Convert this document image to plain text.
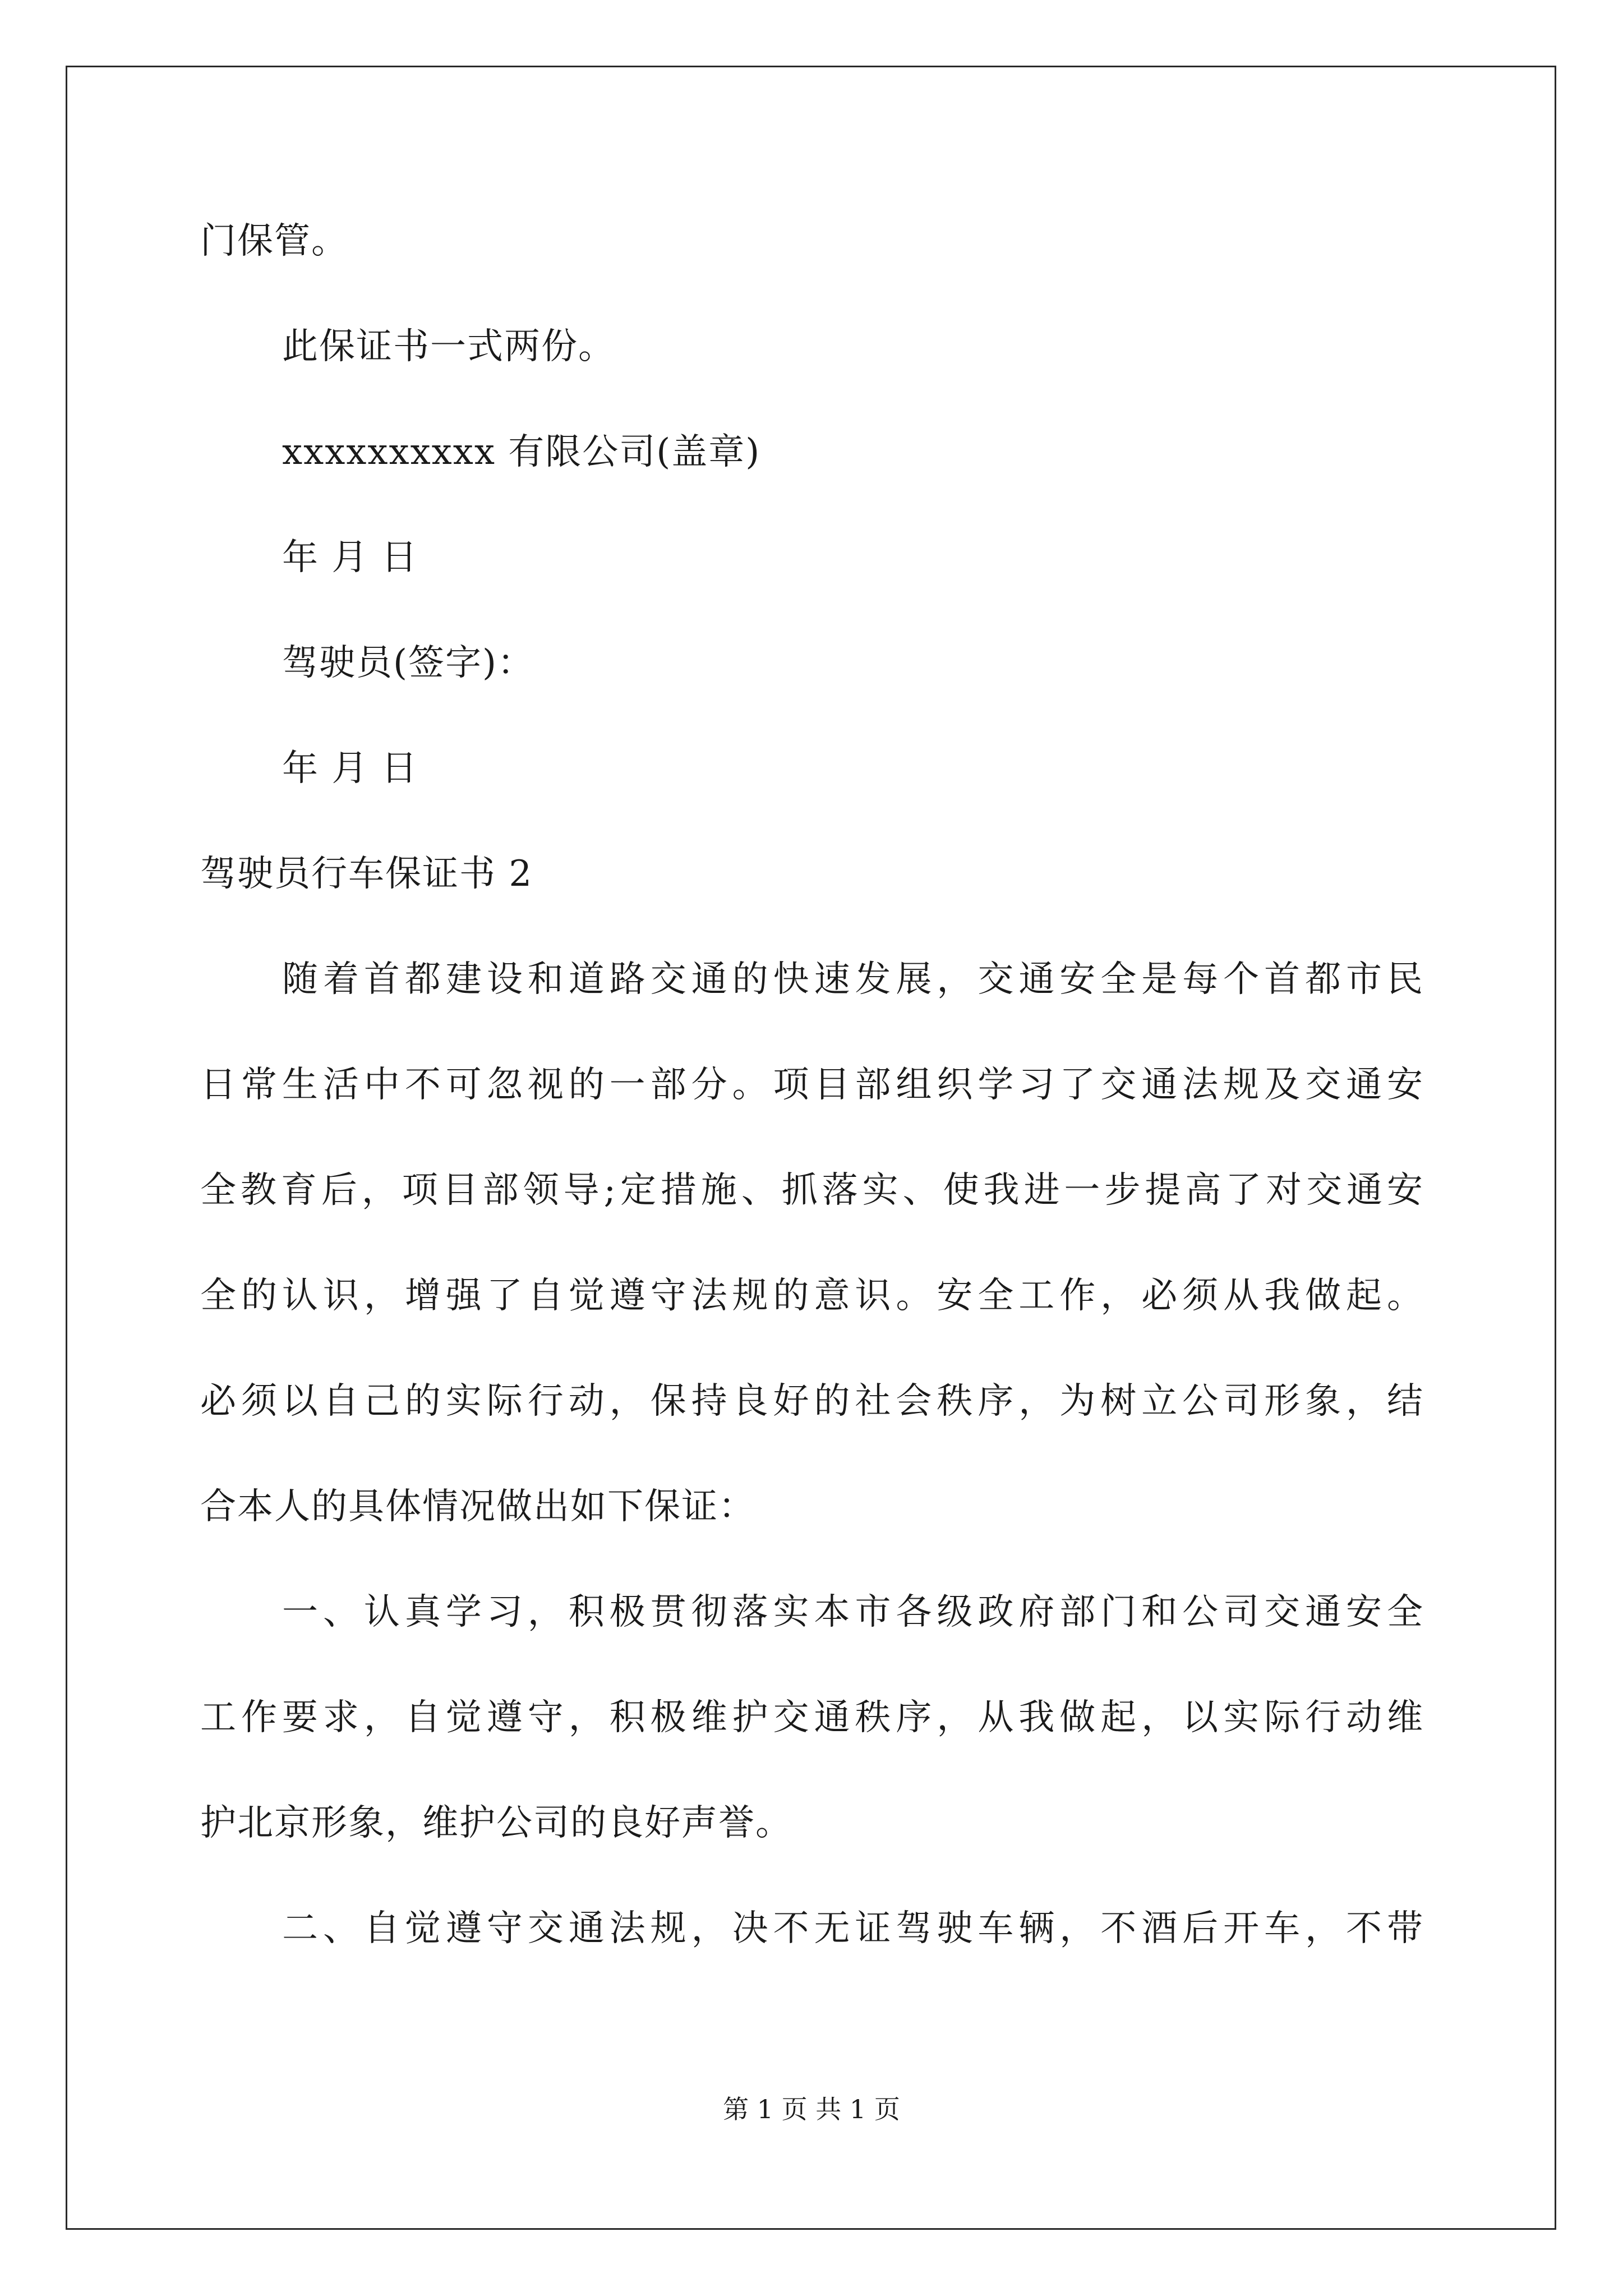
门保管。
此保证书一式两份。
xxxxxxxxxx 有限公司(盖章)
年 月 日
驾驶员(签字)：
年 月 日
驾驶员行车保证书 2
随着首都建设和道路交通的快速发展，交通安全是每个首都市民
日常生活中不可忽视的一部分。项目部组织学习了交通法规及交通安
全教育后，项目部领导;定措施、抓落实、使我进一步提高了对交通安
全的认识，增强了自觉遵守法规的意识。安全工作，必须从我做起。
必须以自己的实际行动，保持良好的社会秩序，为树立公司形象，结
合本人的具体情况做出如下保证：
一、认真学习，积极贯彻落实本市各级政府部门和公司交通安全
工作要求，自觉遵守，积极维护交通秩序，从我做起，以实际行动维
护北京形象，维护公司的良好声誉。
二、自觉遵守交通法规，决不无证驾驶车辆，不酒后开车，不带
第 1 页 共 1 页
